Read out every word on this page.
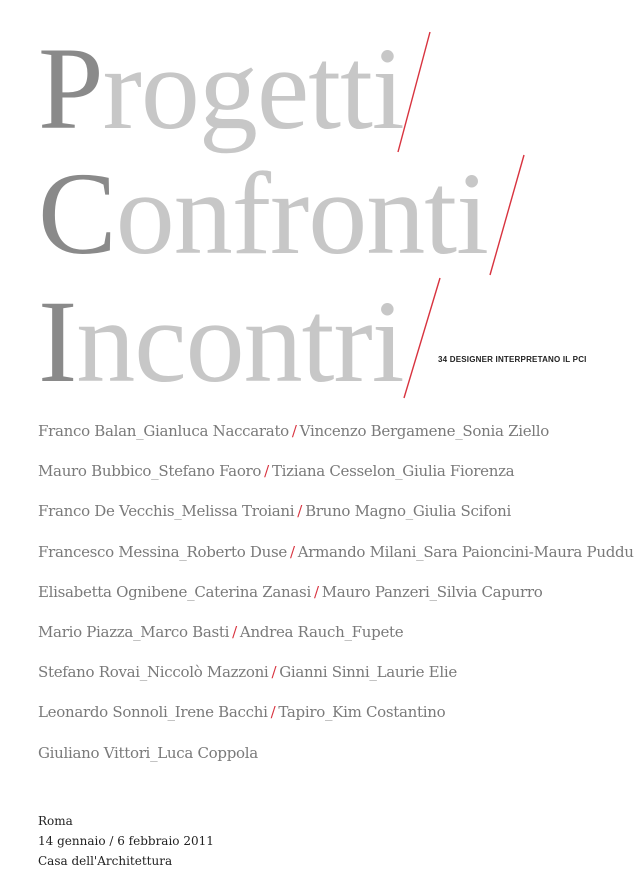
Progetti
Confronti
Incontri	34 DESIGNER INTERPRETANO IL PCI
Franco Balan_Gianluca Naccarato / Vincenzo Bergamene_Sonia Ziello
Mauro Bubbico_Stefano Faoro / Tiziana Cesselon_Giulia Fiorenza
Franco De Vecchis_Melissa Troiani / Bruno Magno_Giulia Scifoni
Francesco Messina_Roberto Duse / Armando Milani_Sara Paioncini-Maura Puddu
Elisabetta Ognibene_Caterina Zanasi / Mauro Panzeri_Silvia Capurro
Mario Piazza_Marco Basti / Andrea Rauch_Fupete
Stefano Rovai_Niccolò Mazzoni / Gianni Sinni_Laurie Elie
Leonardo Sonnoli_Irene Bacchi / Tapiro_Kim Costantino
Giuliano Vittori_Luca Coppola
Roma
14 gennaio / 6 febbraio 2011
Casa dell'Architettura
